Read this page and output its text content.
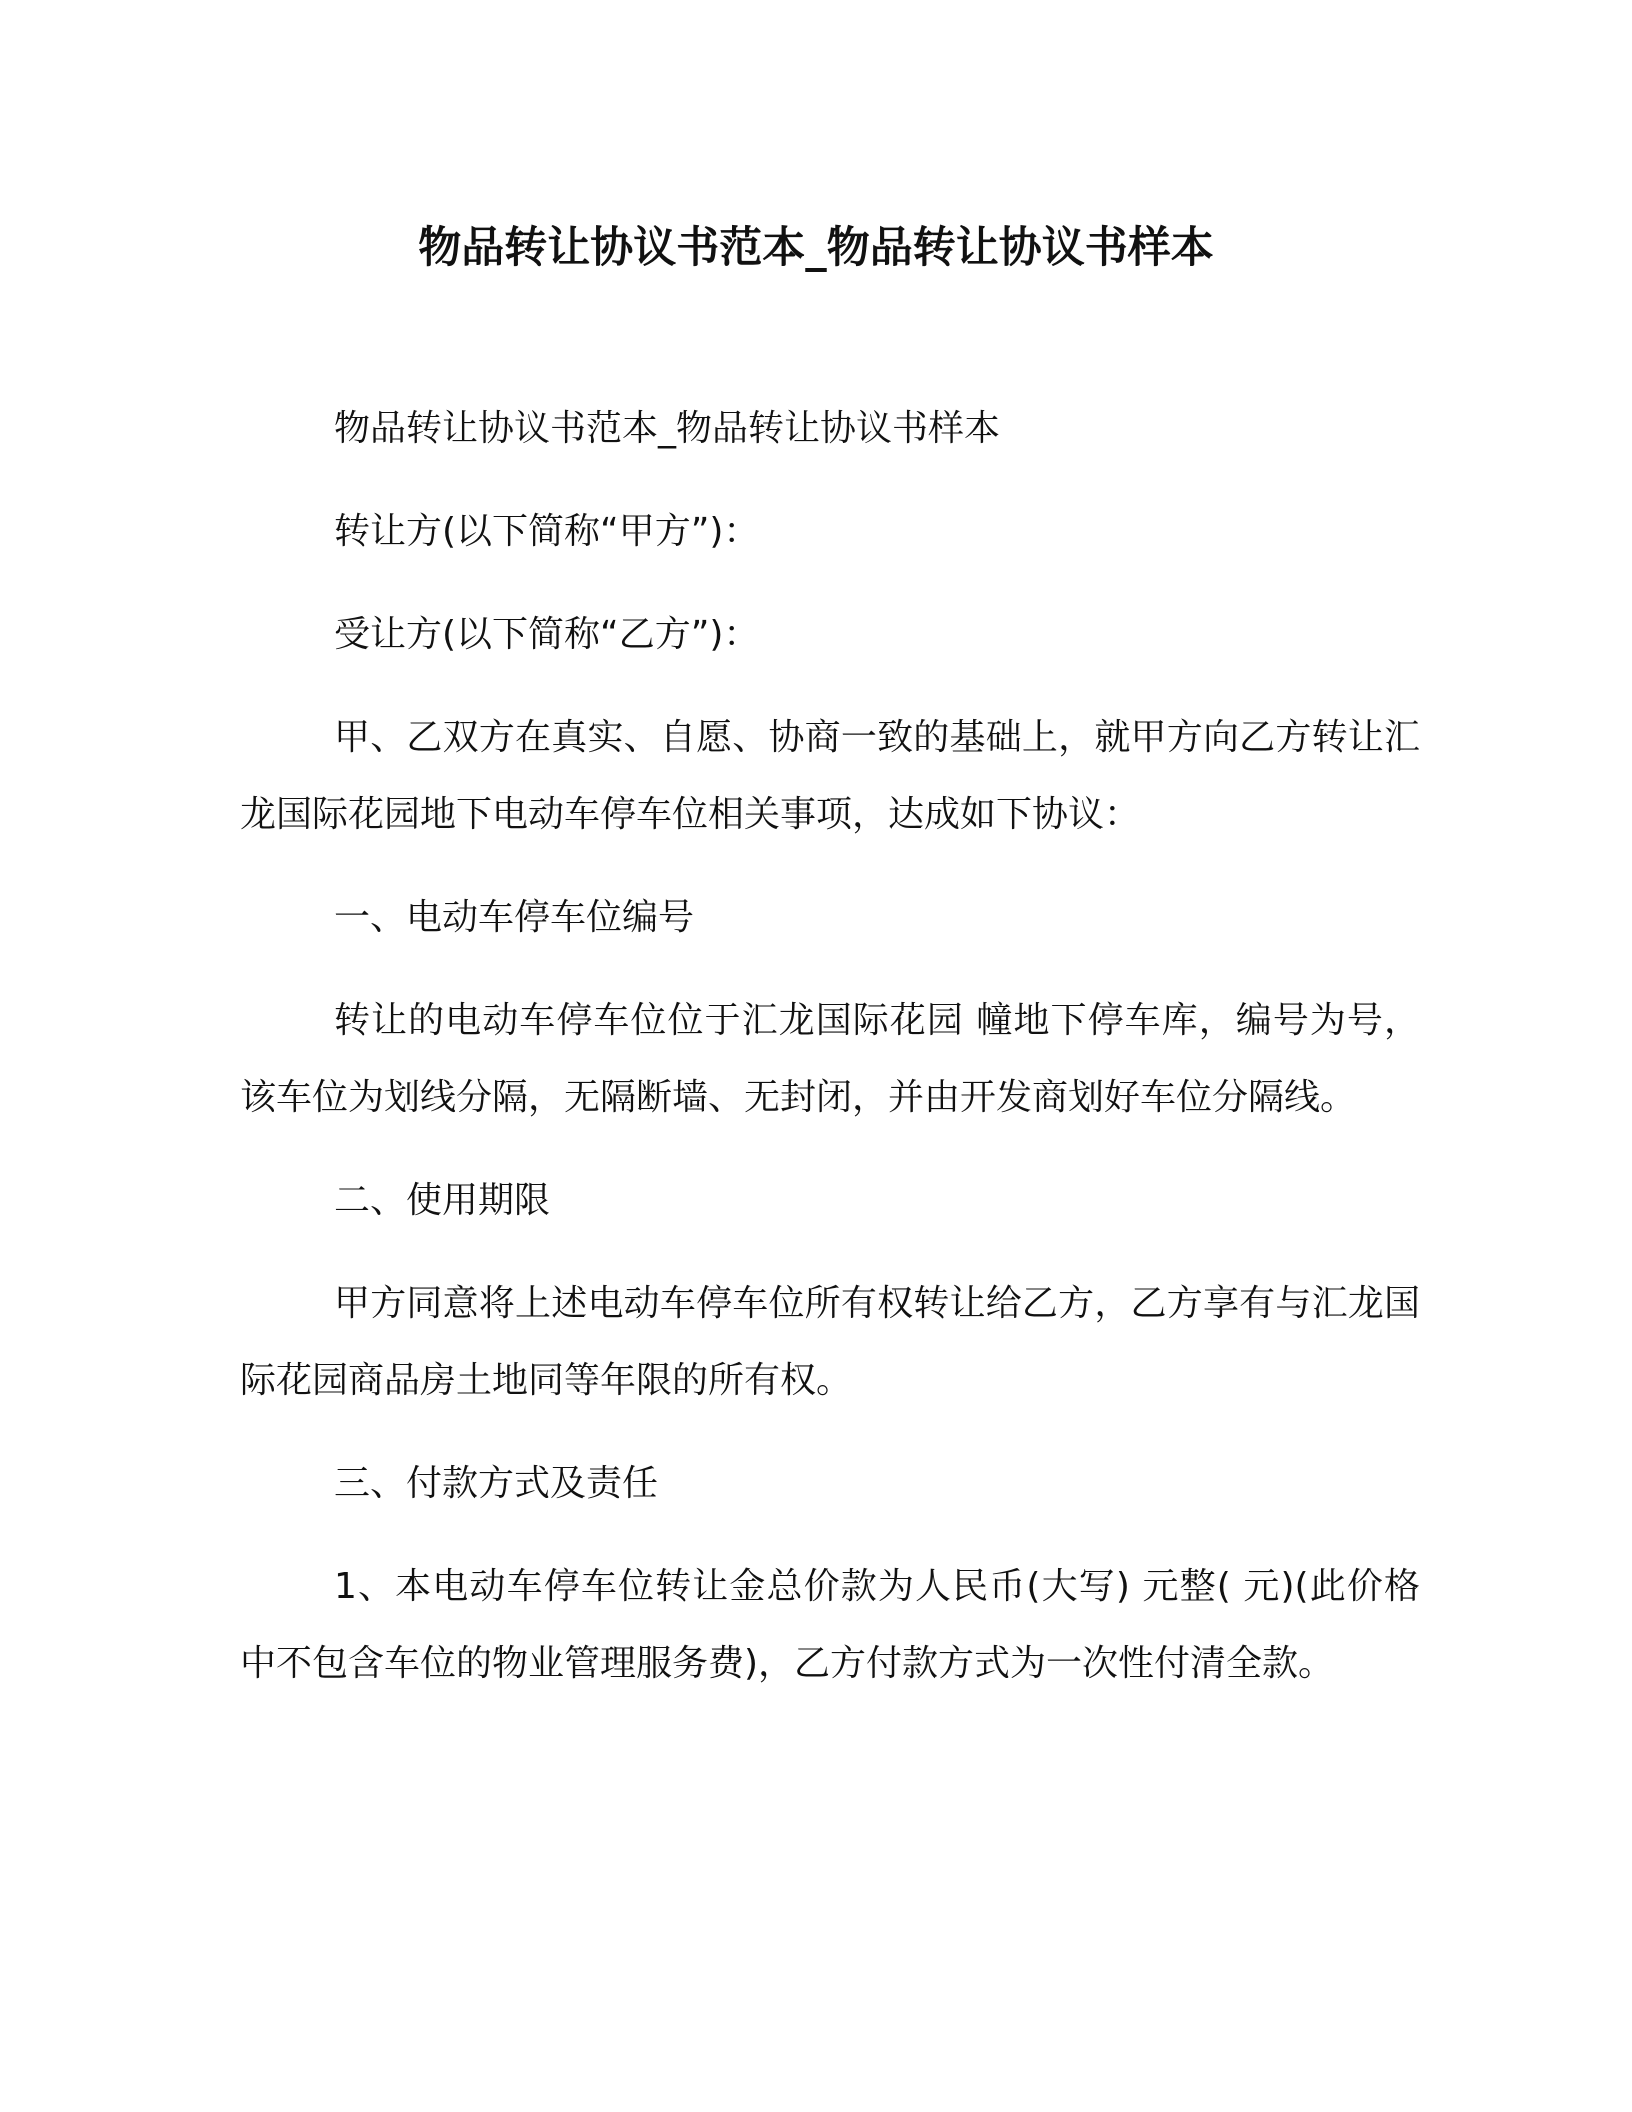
物品转让协议书范本_物品转让协议书样本

物品转让协议书范本_物品转让协议书样本

转让方(以下简称“甲方”)：

受让方(以下简称“乙方”)：

甲、乙双方在真实、自愿、协商一致的基础上，就甲方向乙方转让汇龙国际花园地下电动车停车位相关事项，达成如下协议：

一、电动车停车位编号

转让的电动车停车位位于汇龙国际花园 幢地下停车库，编号为号，该车位为划线分隔，无隔断墙、无封闭，并由开发商划好车位分隔线。

二、使用期限

甲方同意将上述电动车停车位所有权转让给乙方，乙方享有与汇龙国际花园商品房土地同等年限的所有权。

三、付款方式及责任

1、本电动车停车位转让金总价款为人民币(大写) 元整( 元)(此价格中不包含车位的物业管理服务费)，乙方付款方式为一次性付清全款。
